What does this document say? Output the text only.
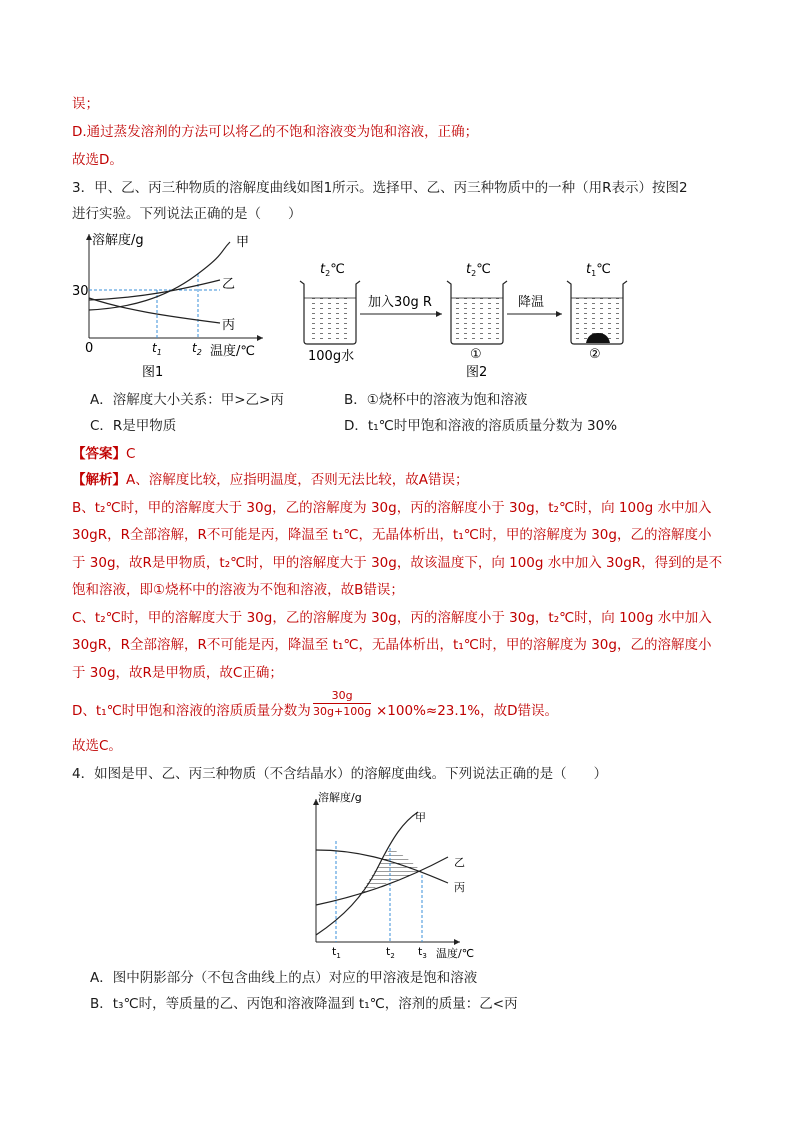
误；
D.通过蒸发溶剂的方法可以将乙的不饱和溶液变为饱和溶液，正确；
故选D。
3．甲、乙、丙三种物质的溶解度曲线如图1所示。选择甲、乙、丙三种物质中的一种（用R表示）按图2
进行实验。下列说法正确的是（　　）
溶解度/g
30
0
甲
乙
丙
$t_1$	$t_2$ 温度/℃
图1
$t_2℃$
100g水
加入30g R
$t_2℃$
①
图2
降温
$t_1℃$
②
A．溶解度大小关系：甲>乙>丙	B．①烧杯中的溶液为饱和溶液
C．R是甲物质	D．t₁℃时甲饱和溶液的溶质质量分数为 30%
【答案】C
【解析】A、溶解度比较，应指明温度，否则无法比较，故A错误；
B、t₂℃时，甲的溶解度大于 30g，乙的溶解度为 30g，丙的溶解度小于 30g，t₂℃时，向 100g 水中加入
30gR，R全部溶解，R不可能是丙，降温至 t₁℃，无晶体析出，t₁℃时，甲的溶解度为 30g，乙的溶解度小
于 30g，故R是甲物质，t₂℃时，甲的溶解度大于 30g，故该温度下，向 100g 水中加入 30gR，得到的是不
饱和溶液，即①烧杯中的溶液为不饱和溶液，故B错误；
C、t₂℃时，甲的溶解度大于 30g，乙的溶解度为 30g，丙的溶解度小于 30g，t₂℃时，向 100g 水中加入
30gR，R全部溶解，R不可能是丙，降温至 t₁℃，无晶体析出，t₁℃时，甲的溶解度为 30g，乙的溶解度小
于 30g，故R是甲物质，故C正确；
D、t₁℃时甲饱和溶液的溶质质量分数为 $\frac{30g}{30g+100g} \times 100\%\approx 23.1\%$，故D错误。
故选C。
4．如图是甲、乙、丙三种物质（不含结晶水）的溶解度曲线。下列说法正确的是（　　）
溶解度/g
甲
乙
丙
$t_1$	$t_2$ $t_3$ 温度/℃
A．图中阴影部分（不包含曲线上的点）对应的甲溶液是饱和溶液
B．t₃℃时，等质量的乙、丙饱和溶液降温到 t₁℃，溶剂的质量：乙<丙
